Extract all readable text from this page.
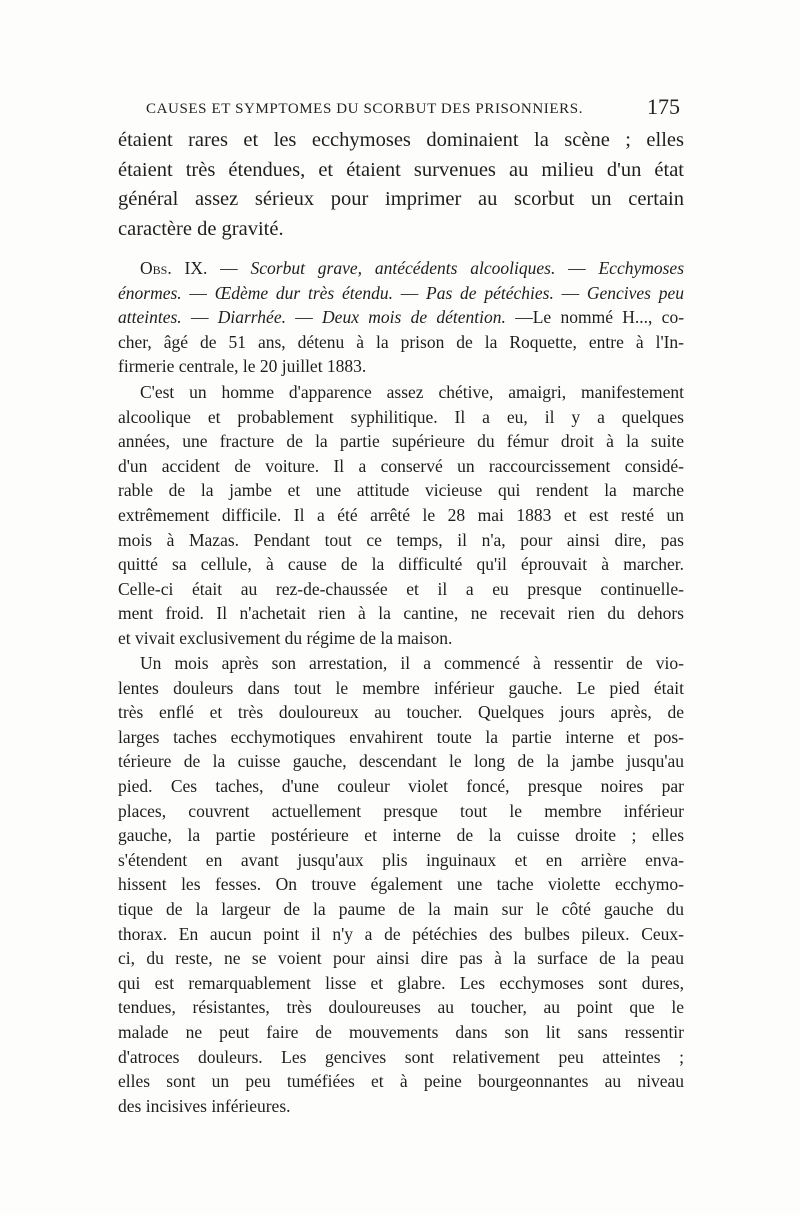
CAUSES ET SYMPTOMES DU SCORBUT DES PRISONNIERS.	175
étaient rares et les ecchymoses dominaient la scène ; elles
étaient très étendues, et étaient survenues au milieu d'un état
général assez sérieux pour imprimer au scorbut un certain
caractère de gravité.
Obs. IX. — Scorbut grave, antécédents alcooliques. — Ecchymoses
énormes. — Œdème dur très étendu. — Pas de pétéchies. — Gencives peu
atteintes. — Diarrhée. — Deux mois de détention. —Le nommé H..., co-
cher, âgé de 51 ans, détenu à la prison de la Roquette, entre à l'In-
firmerie centrale, le 20 juillet 1883.
C'est un homme d'apparence assez chétive, amaigri, manifestement
alcoolique et probablement syphilitique. Il a eu, il y a quelques
années, une fracture de la partie supérieure du fémur droit à la suite
d'un accident de voiture. Il a conservé un raccourcissement considé-
rable de la jambe et une attitude vicieuse qui rendent la marche
extrêmement difficile. Il a été arrêté le 28 mai 1883 et est resté un
mois à Mazas. Pendant tout ce temps, il n'a, pour ainsi dire, pas
quitté sa cellule, à cause de la difficulté qu'il éprouvait à marcher.
Celle-ci était au rez-de-chaussée et il a eu presque continuelle-
ment froid. Il n'achetait rien à la cantine, ne recevait rien du dehors
et vivait exclusivement du régime de la maison.
Un mois après son arrestation, il a commencé à ressentir de vio-
lentes douleurs dans tout le membre inférieur gauche. Le pied était
très enflé et très douloureux au toucher. Quelques jours après, de
larges taches ecchymotiques envahirent toute la partie interne et pos-
térieure de la cuisse gauche, descendant le long de la jambe jusqu'au
pied. Ces taches, d'une couleur violet foncé, presque noires par
places, couvrent actuellement presque tout le membre inférieur
gauche, la partie postérieure et interne de la cuisse droite ; elles
s'étendent en avant jusqu'aux plis inguinaux et en arrière enva-
hissent les fesses. On trouve également une tache violette ecchymo-
tique de la largeur de la paume de la main sur le côté gauche du
thorax. En aucun point il n'y a de pétéchies des bulbes pileux. Ceux-
ci, du reste, ne se voient pour ainsi dire pas à la surface de la peau
qui est remarquablement lisse et glabre. Les ecchymoses sont dures,
tendues, résistantes, très douloureuses au toucher, au point que le
malade ne peut faire de mouvements dans son lit sans ressentir
d'atroces douleurs. Les gencives sont relativement peu atteintes ;
elles sont un peu tuméfiées et à peine bourgeonnantes au niveau
des incisives inférieures.
